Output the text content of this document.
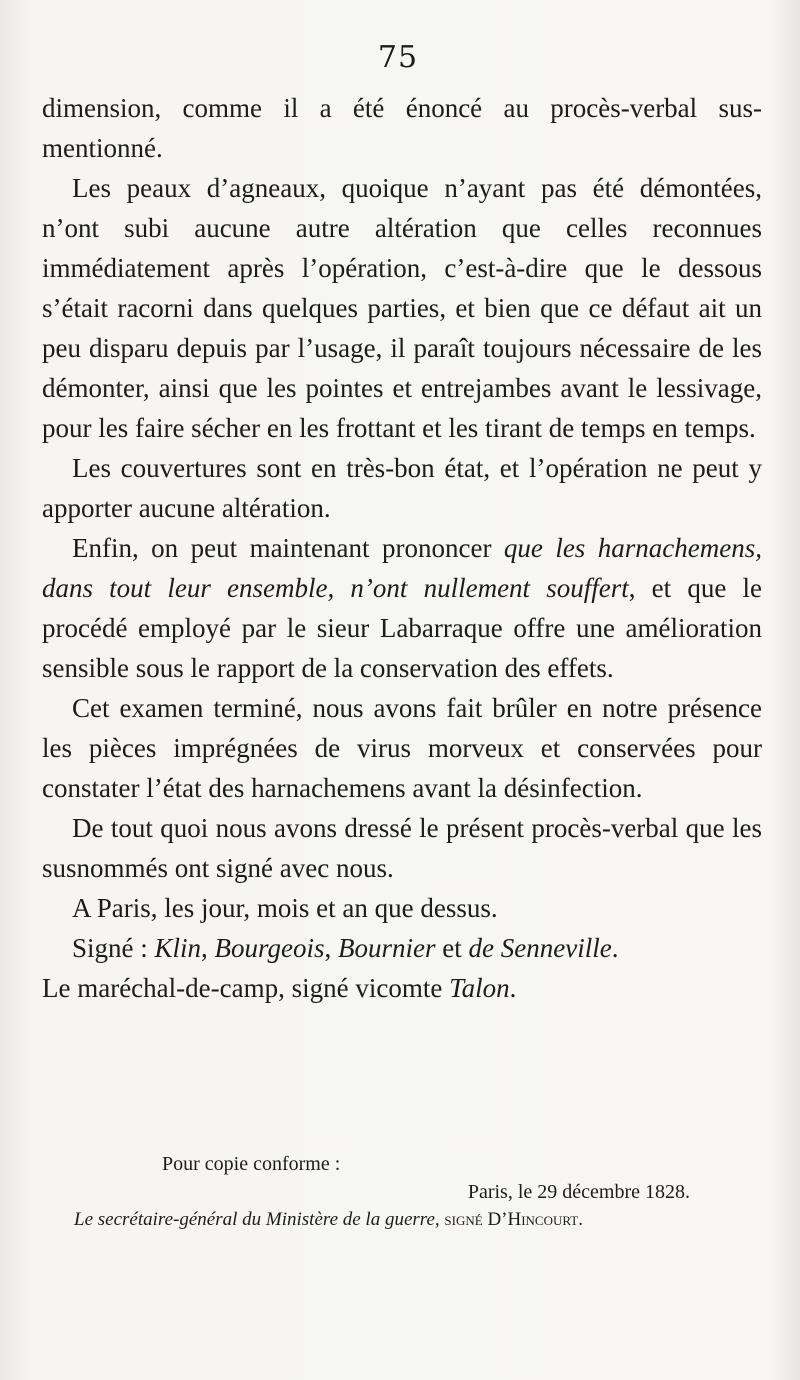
75

dimension, comme il a été énoncé au procès-verbal sus-mentionné.

Les peaux d’agneaux, quoique n’ayant pas été démontées, n’ont subi aucune autre altération que celles reconnues immédiatement après l’opération, c’est-à-dire que le dessous s’était racorni dans quelques parties, et bien que ce défaut ait un peu disparu depuis par l’usage, il paraît toujours nécessaire de les démonter, ainsi que les pointes et entrejambes avant le lessivage, pour les faire sécher en les frottant et les tirant de temps en temps.

Les couvertures sont en très-bon état, et l’opération ne peut y apporter aucune altération.

Enfin, on peut maintenant prononcer que les harnachemens, dans tout leur ensemble, n’ont nullement souffert, et que le procédé employé par le sieur Labarraque offre une amélioration sensible sous le rapport de la conservation des effets.

Cet examen terminé, nous avons fait brûler en notre présence les pièces imprégnées de virus morveux et conservées pour constater l’état des harnachemens avant la désinfection.

De tout quoi nous avons dressé le présent procès-verbal que les susnommés ont signé avec nous.

A Paris, les jour, mois et an que dessus.

Signé : Klin, Bourgeois, Bournier et de Senneville.

Le maréchal-de-camp, signé vicomte Talon.

Pour copie conforme :
Paris, le 29 décembre 1828.
Le secrétaire-général du Ministère de la guerre, signé D’Hincourt.
